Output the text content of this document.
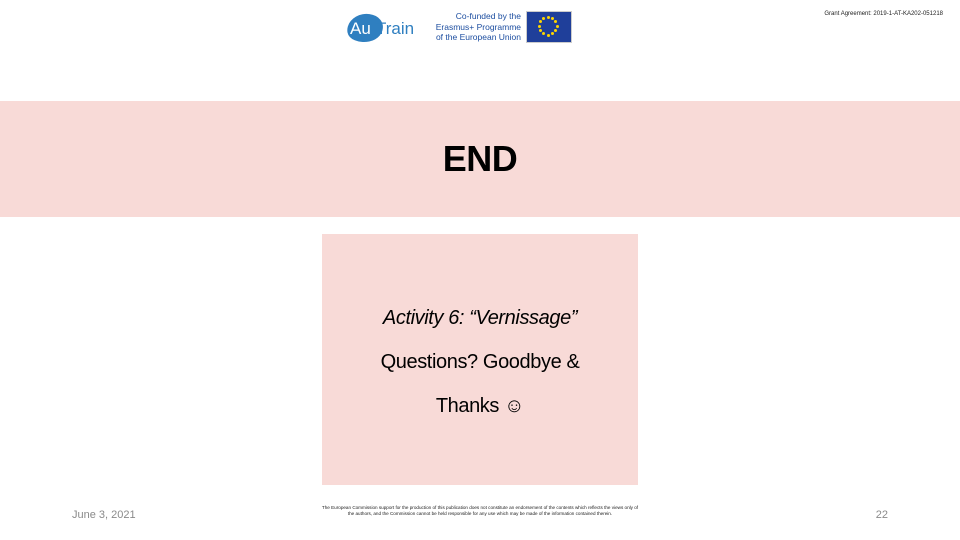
Au Train
Co-funded by the
Erasmus+ Programme
of the European Union
Grant Agreement: 2019-1-AT-KA202-051218
END
Activity 6: “Vernissage”
Questions? Goodbye &
Thanks ☺
June 3, 2021
The European Commission support for the production of this publication does not constitute an endorsement of the contents which reflects the views only of the authors, and the Commission cannot be held responsible for any use which may be made of the information contained therein.	22
